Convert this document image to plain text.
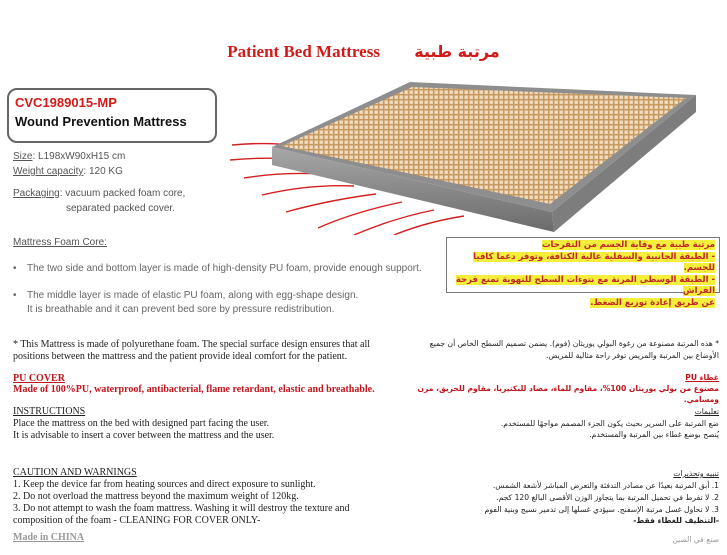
Patient Bed Mattress مرتبة طبية
CVC1989015-MP
Wound Prevention Mattress
Size: L198xW90xH15 cm
Weight capacity: 120 KG
Packaging: vacuum packed foam core,
separated packed cover.
Mattress Foam Core:
• The two side and bottom layer is made of high-density PU foam, provide enough support.
• The middle layer is made of elastic PU foam, along with egg-shape design.
It is breathable and it can prevent bed sore by pressure redistribution.
مرتبة طبية مع وقاية الجسم من التقرحات
- الطبقة الجانبية والسفلية عالية الكثافة، وتوفر دعما كافيا للجسم.
- الطبقة الوسطى المرنة مع نتوءات السطح للتهوية تمنع قرحة الفراش
عن طريق إعادة توزيع الضغط.
* This Mattress is made of polyurethane foam. The special surface design ensures that all
positions between the mattress and the patient provide ideal comfort for the patient.
* هذه المرتبة مصنوعة من رغوة البولي يوريثان (فوم). يضمن تصميم السطح الخاص أن جميع
الأوضاع بين المرتبة والمريض توفر راحة مثالية للمريض.
PU COVER
Made of 100%PU, waterproof, antibacterial, flame retardant, elastic and breathable.
غطاء PU
مصنوع من بولي يوريثان 100%، مقاوم للماء، مضاد للبكتيريا، مقاوم للحريق، مرن ومسامي.
INSTRUCTIONS
Place the mattress on the bed with designed part facing the user.
It is advisable to insert a cover between the mattress and the user.
تعليمات
ضع المرتبة على السرير بحيث يكون الجزء المصمم مواجهًا للمستخدم.
يُنصح بوضع غطاء بين المرتبة والمستخدم.
CAUTION AND WARNINGS
1. Keep the device far from heating sources and direct exposure to sunlight.
2. Do not overload the mattress beyond the maximum weight of 120kg.
3. Do not attempt to wash the foam mattress. Washing it will destroy the texture and
composition of the foam - CLEANING FOR COVER ONLY-
تنبيه وتحذيرات
1. أبق المرتبة بعيدًا عن مصادر التدفئة والتعرض المباشر لأشعة الشمس.
2. لا تفرط في تحميل المرتبة بما يتجاوز الوزن الأقصى البالغ 120 كجم.
3. لا تحاول غسل مرتبة الإسفنج. سيؤدي غسلها إلى تدمير نسيج وبنية الفوم
-التنظيف للغطاء فقط-
Made in CHINA	صنع في الصين
